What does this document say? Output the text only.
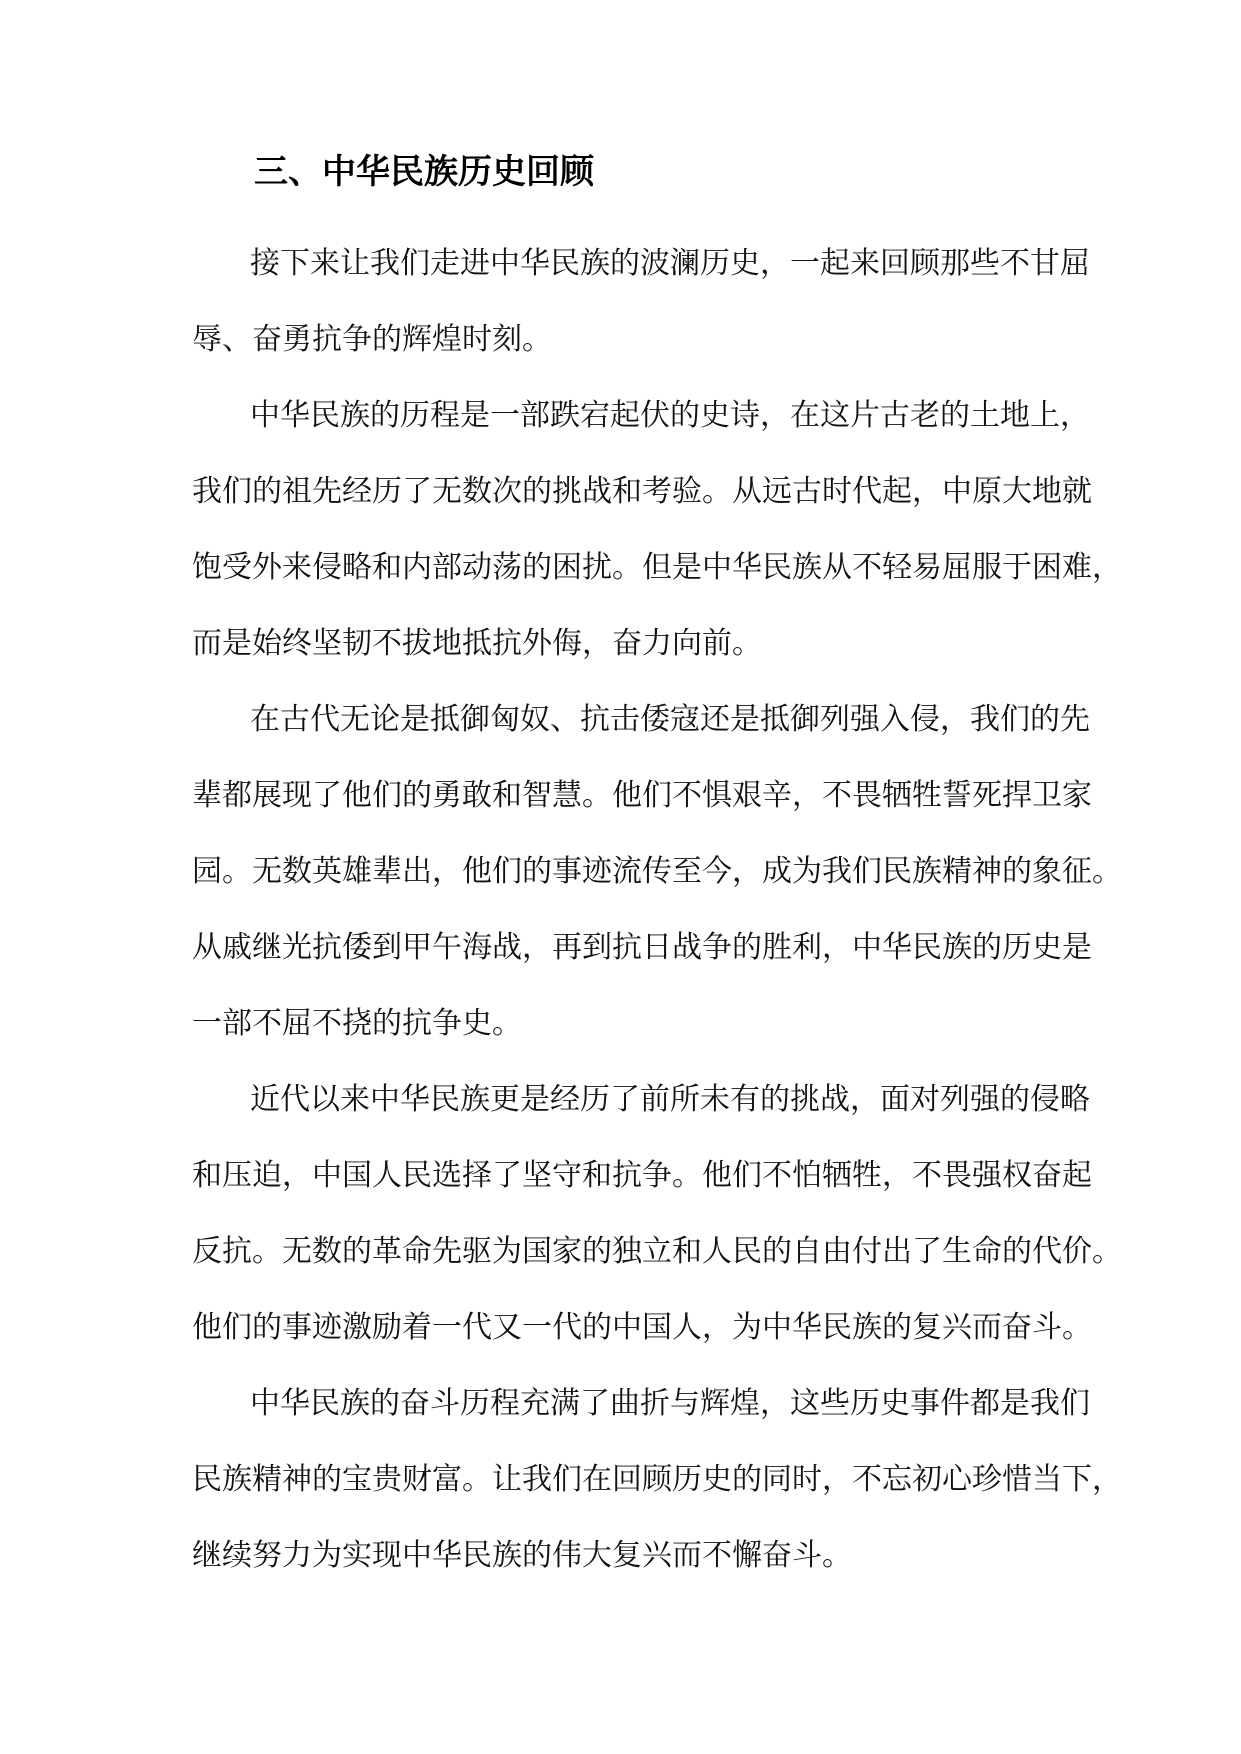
三、中华民族历史回顾
接下来让我们走进中华民族的波澜历史，一起来回顾那些不甘屈
辱、奋勇抗争的辉煌时刻。
中华民族的历程是一部跌宕起伏的史诗，在这片古老的土地上，
我们的祖先经历了无数次的挑战和考验。从远古时代起，中原大地就
饱受外来侵略和内部动荡的困扰。但是中华民族从不轻易屈服于困难，
而是始终坚韧不拔地抵抗外侮，奋力向前。
在古代无论是抵御匈奴、抗击倭寇还是抵御列强入侵，我们的先
辈都展现了他们的勇敢和智慧。他们不惧艰辛，不畏牺牲誓死捍卫家
园。无数英雄辈出，他们的事迹流传至今，成为我们民族精神的象征。
从戚继光抗倭到甲午海战，再到抗日战争的胜利，中华民族的历史是
一部不屈不挠的抗争史。
近代以来中华民族更是经历了前所未有的挑战，面对列强的侵略
和压迫，中国人民选择了坚守和抗争。他们不怕牺牲，不畏强权奋起
反抗。无数的革命先驱为国家的独立和人民的自由付出了生命的代价。
他们的事迹激励着一代又一代的中国人，为中华民族的复兴而奋斗。
中华民族的奋斗历程充满了曲折与辉煌，这些历史事件都是我们
民族精神的宝贵财富。让我们在回顾历史的同时，不忘初心珍惜当下，
继续努力为实现中华民族的伟大复兴而不懈奋斗。
